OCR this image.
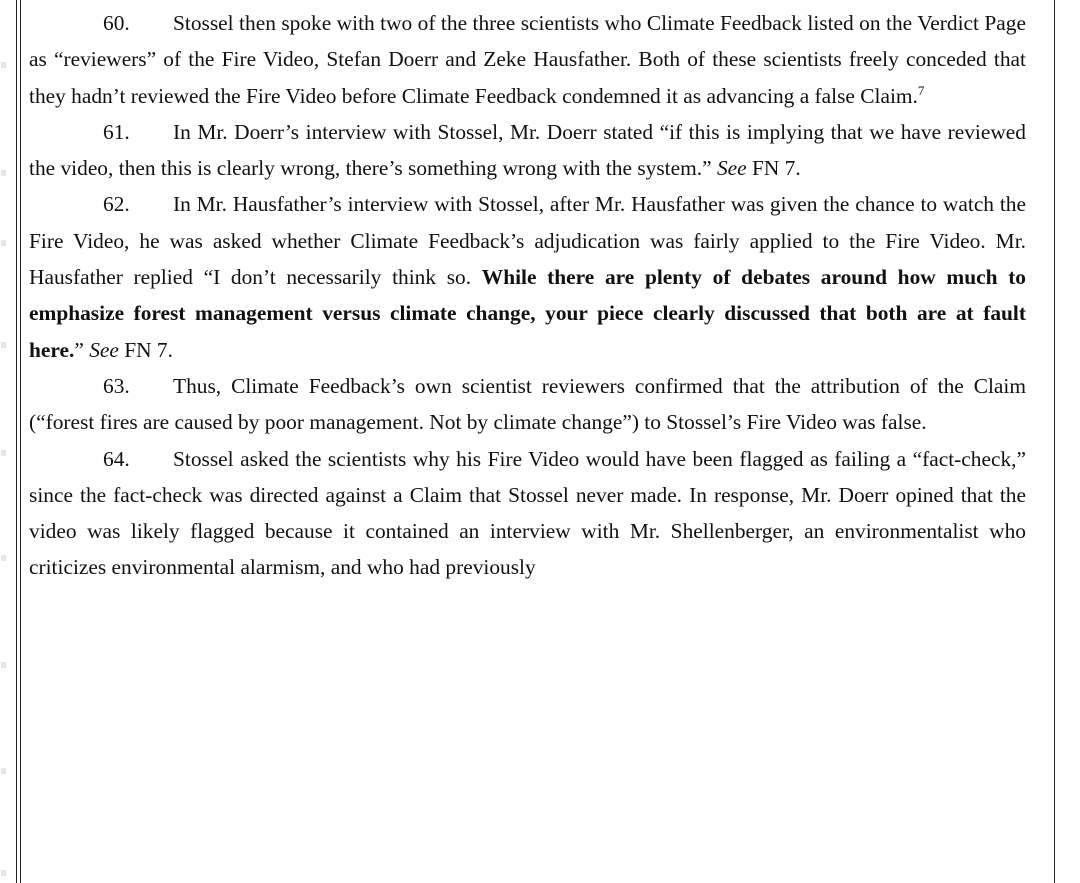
60. Stossel then spoke with two of the three scientists who Climate Feedback listed on the Verdict Page as “reviewers” of the Fire Video, Stefan Doerr and Zeke Hausfather. Both of these scientists freely conceded that they hadn’t reviewed the Fire Video before Climate Feedback condemned it as advancing a false Claim.$^7$

61. In Mr. Doerr’s interview with Stossel, Mr. Doerr stated “if this is implying that we have reviewed the video, then this is clearly wrong, there’s something wrong with the system.” See FN 7.

62. In Mr. Hausfather’s interview with Stossel, after Mr. Hausfather was given the chance to watch the Fire Video, he was asked whether Climate Feedback’s adjudication was fairly applied to the Fire Video. Mr. Hausfather replied “I don’t necessarily think so. While there are plenty of debates around how much to emphasize forest management versus climate change, your piece clearly discussed that both are at fault here.” See FN 7.

63. Thus, Climate Feedback’s own scientist reviewers confirmed that the attribution of the Claim (“forest fires are caused by poor management. Not by climate change”) to Stossel’s Fire Video was false.

64. Stossel asked the scientists why his Fire Video would have been flagged as failing a “fact-check,” since the fact-check was directed against a Claim that Stossel never made. In response, Mr. Doerr opined that the video was likely flagged because it contained an interview with Mr. Shellenberger, an environmentalist who criticizes environmental alarmism, and who had previously
